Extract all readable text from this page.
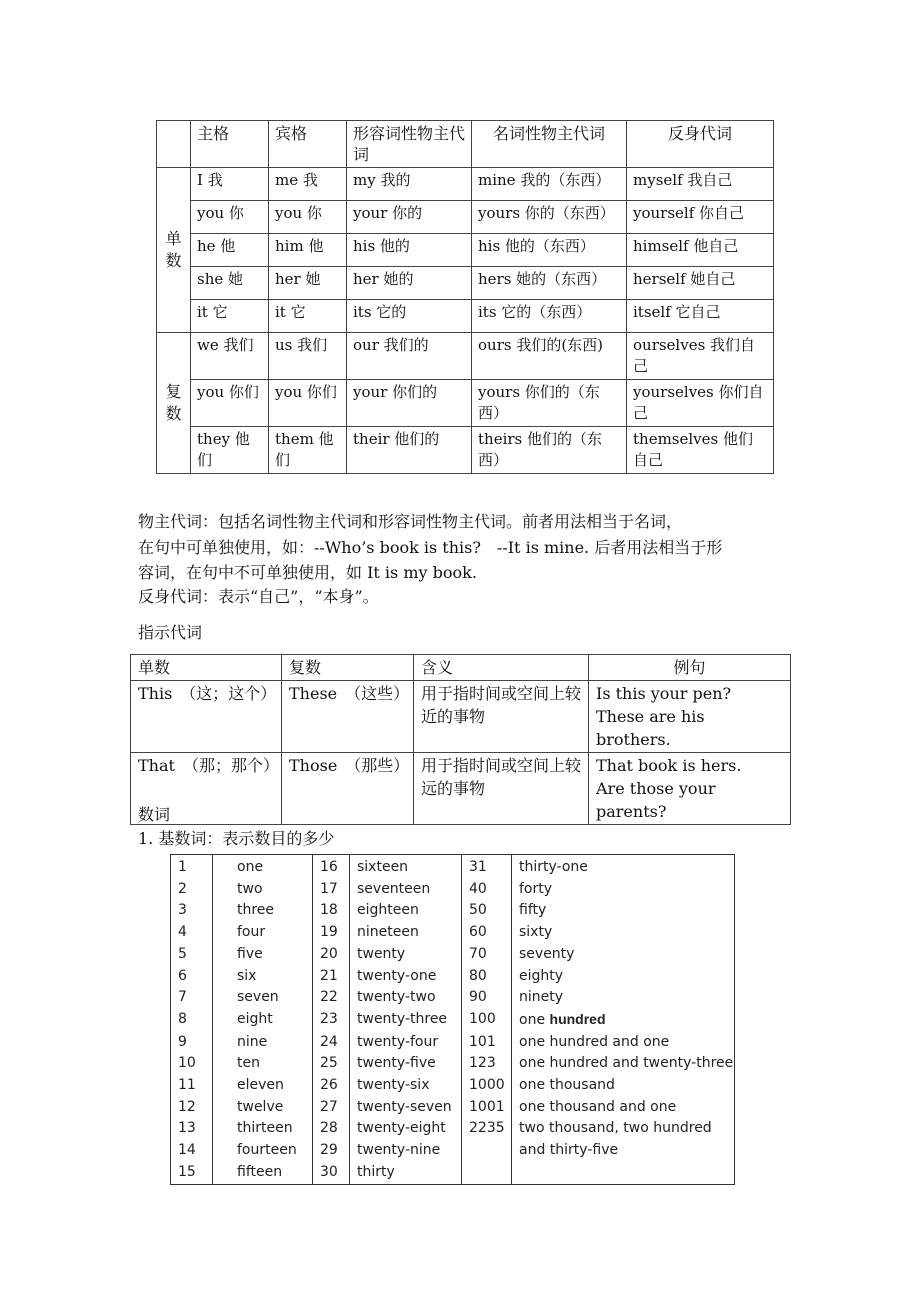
	主格	宾格	形容词性物主代词	名词性物主代词	反身代词
单
数	I 我	me 我	my 我的	mine 我的（东西）	myself 我自己
	you 你	you 你	your 你的	yours 你的（东西）	yourself 你自己
	he 他	him 他	his 他的	his 他的（东西）	himself 他自己
	she 她	her 她	her 她的	hers 她的（东西）	herself 她自己
	it 它	it 它	its 它的	its 它的（东西）	itself 它自己
复
数	we 我们	us 我们	our 我们的	ours 我们的(东西)	ourselves 我们自己
	you 你们	you 你们	your 你们的	yours 你们的（东西）	yourselves 你们自己
	they 他们	them 他们	their 他们的	theirs 他们的（东西）	themselves 他们自己

物主代词：包括名词性物主代词和形容词性物主代词。前者用法相当于名词，

在句中可单独使用，如：--Who’s book is this?　--It is mine. 后者用法相当于形

容词，在句中不可单独使用，如 It is my book.

反身代词：表示“自己”，“本身”。

指示代词

单数	复数	含义	例句
This　（这；这个）	These　（这些）	用于指时间或空间上较近的事物	Is this your pen?
These are his brothers.

That　（那；那个）	Those　（那些）	用于指时间或空间上较远的事物	That book is hers.
Are those your parents?

数词

1. 基数词：表示数目的多少

1	one	16	sixteen	31	thirty-one
2	two	17	seventeen	40	forty
3	three	18	eighteen	50	fifty
4	four	19	nineteen	60	sixty
5	five	20	twenty	70	seventy
6	six	21	twenty-one	80	eighty
7	seven	22	twenty-two	90	ninety
8	eight	23	twenty-three	100	one hundred
9	nine	24	twenty-four	101	one hundred and one
10	ten	25	twenty-five	123	one hundred and twenty-three
11	eleven	26	twenty-six	1000	one thousand
12	twelve	27	twenty-seven	1001	one thousand and one
13	thirteen	28	twenty-eight	2235	two thousand, two hundred
14	fourteen	29	twenty-nine		and thirty-five
15	fifteen	30	thirty		
